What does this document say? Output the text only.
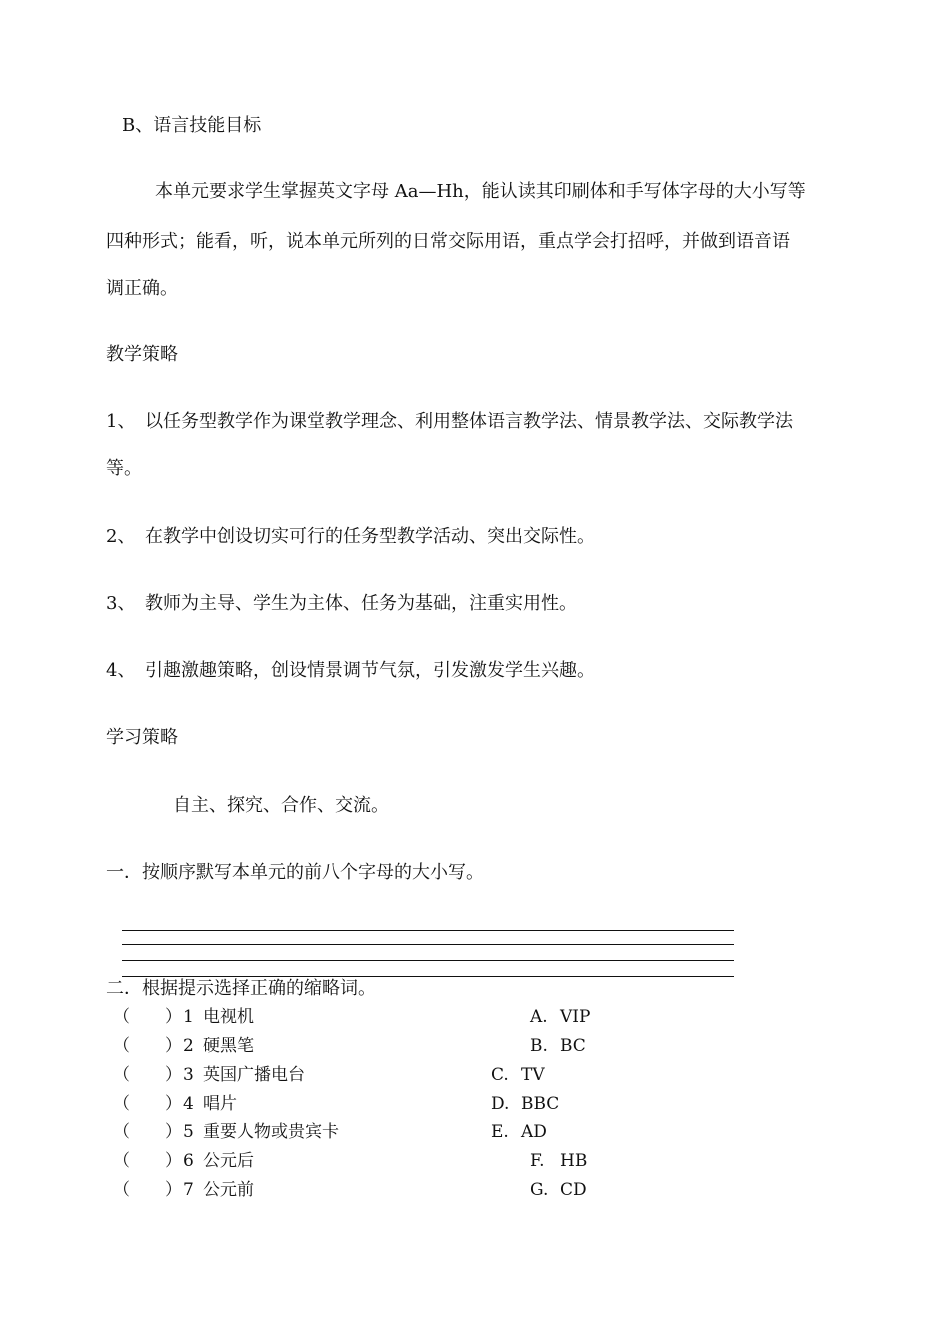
B、语言技能目标
本单元要求学生掌握英文字母 Aa—Hh，能认读其印刷体和手写体字母的大小写等
四种形式；能看，听，说本单元所列的日常交际用语，重点学会打招呼，并做到语音语
调正确。
教学策略
1、 以任务型教学作为课堂教学理念、利用整体语言教学法、情景教学法、交际教学法
等。
2、 在教学中创设切实可行的任务型教学活动、突出交际性。
3、 教师为主导、学生为主体、任务为基础，注重实用性。
4、 引趣激趣策略，创设情景调节气氛，引发激发学生兴趣。
学习策略
自主、探究、合作、交流。
一．按顺序默写本单元的前八个字母的大小写。
二．根据提示选择正确的缩略词。
（ ） 1 电视机
（ ） 2 硬黑笔
（ ） 3 英国广播电台
（ ） 4 唱片
（ ） 5 重要人物或贵宾卡
（ ） 6 公元后
（ ） 7 公元前
A. VIP
B. BC
C. TV
D. BBC
E. AD
F. HB
G. CD
